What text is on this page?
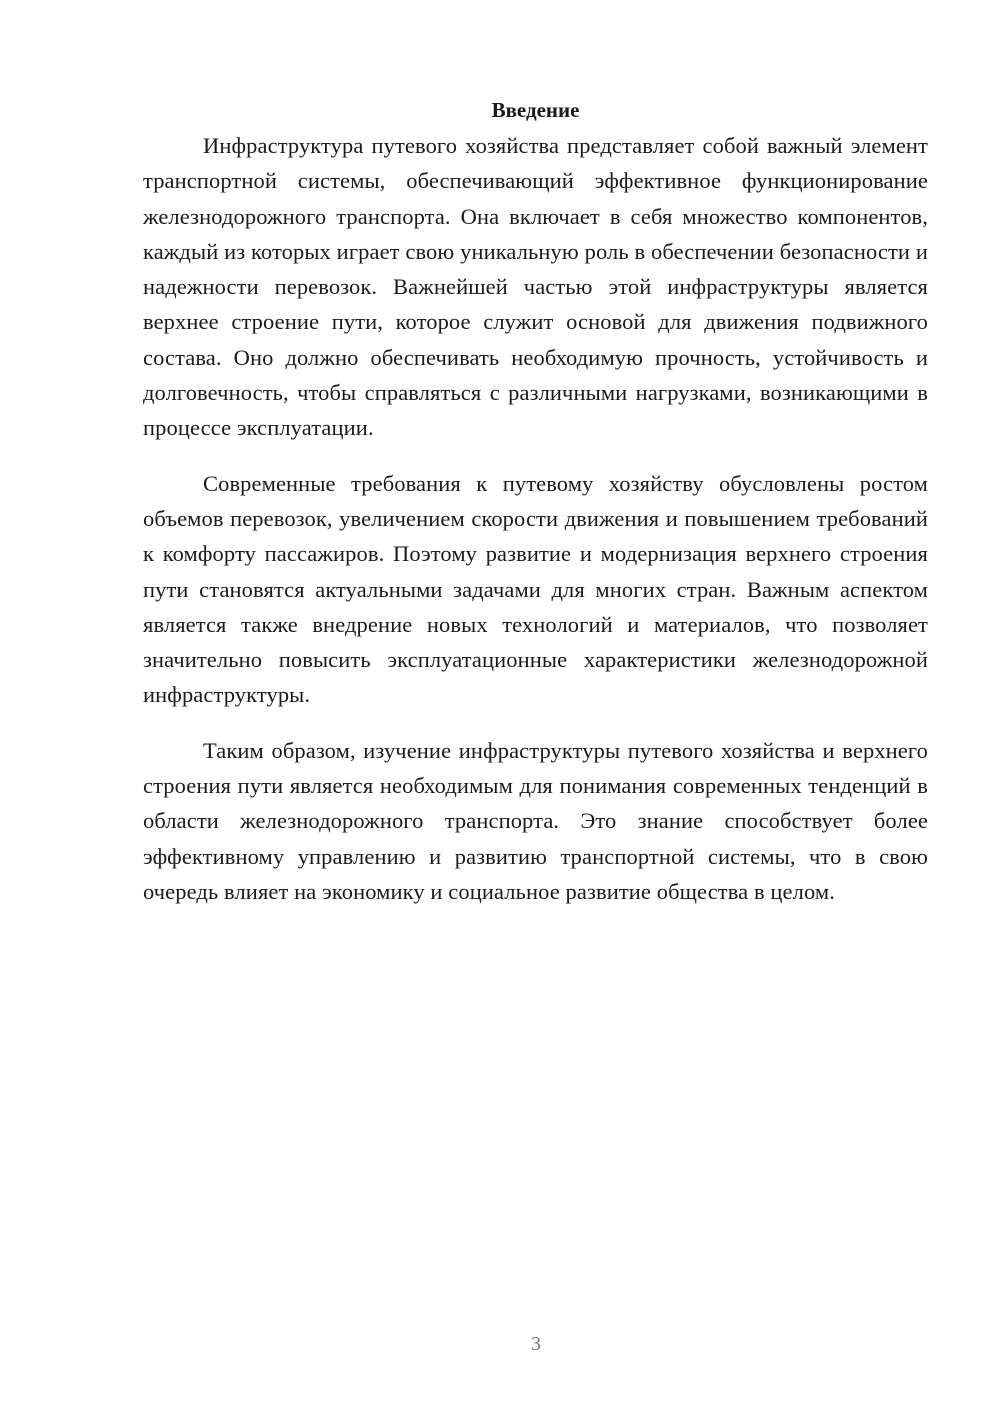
Введение

Инфраструктура путевого хозяйства представляет собой важный элемент транспортной системы, обеспечивающий эффективное функционирование железнодорожного транспорта. Она включает в себя множество компонентов, каждый из которых играет свою уникальную роль в обеспечении безопасности и надежности перевозок. Важнейшей частью этой инфраструктуры является верхнее строение пути, которое служит основой для движения подвижного состава. Оно должно обеспечивать необходимую прочность, устойчивость и долговечность, чтобы справляться с различными нагрузками, возникающими в процессе эксплуатации.

Современные требования к путевому хозяйству обусловлены ростом объемов перевозок, увеличением скорости движения и повышением требований к комфорту пассажиров. Поэтому развитие и модернизация верхнего строения пути становятся актуальными задачами для многих стран. Важным аспектом является также внедрение новых технологий и материалов, что позволяет значительно повысить эксплуатационные характеристики железнодорожной инфраструктуры.

Таким образом, изучение инфраструктуры путевого хозяйства и верхнего строения пути является необходимым для понимания современных тенденций в области железнодорожного транспорта. Это знание способствует более эффективному управлению и развитию транспортной системы, что в свою очередь влияет на экономику и социальное развитие общества в целом.

3
